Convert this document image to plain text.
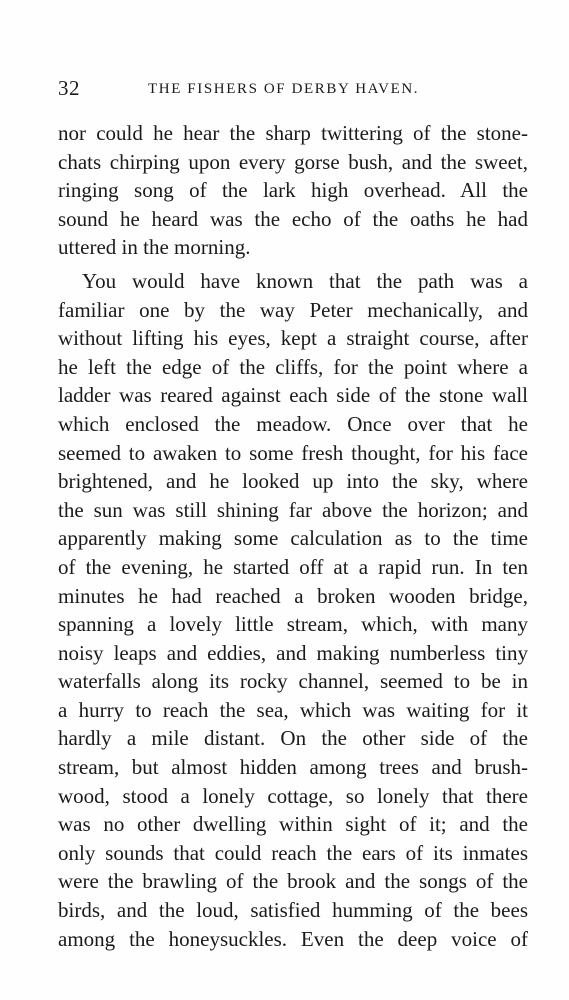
32	THE FISHERS OF DERBY HAVEN.
nor could he hear the sharp twittering of the stone-
chats chirping upon every gorse bush, and the sweet,
ringing song of the lark high overhead. All the
sound he heard was the echo of the oaths he had
uttered in the morning.
You would have known that the path was a
familiar one by the way Peter mechanically, and
without lifting his eyes, kept a straight course, after
he left the edge of the cliffs, for the point where a
ladder was reared against each side of the stone wall
which enclosed the meadow. Once over that he
seemed to awaken to some fresh thought, for his face
brightened, and he looked up into the sky, where
the sun was still shining far above the horizon; and
apparently making some calculation as to the time
of the evening, he started off at a rapid run. In ten
minutes he had reached a broken wooden bridge,
spanning a lovely little stream, which, with many
noisy leaps and eddies, and making numberless tiny
waterfalls along its rocky channel, seemed to be in
a hurry to reach the sea, which was waiting for it
hardly a mile distant. On the other side of the
stream, but almost hidden among trees and brush-
wood, stood a lonely cottage, so lonely that there
was no other dwelling within sight of it; and the
only sounds that could reach the ears of its inmates
were the brawling of the brook and the songs of the
birds, and the loud, satisfied humming of the bees
among the honeysuckles. Even the deep voice of
